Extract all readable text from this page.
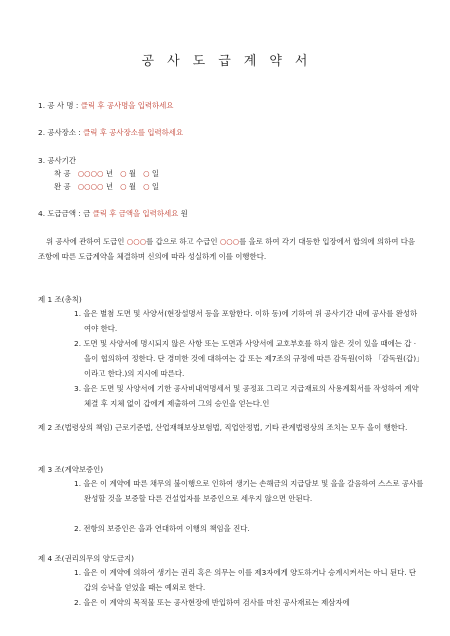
공 사 도 급 계 약 서
1. 공 사 명 : 클릭 후 공사명을 입력하세요
2. 공사장소 : 클릭 후 공사장소를 입력하세요
3. 공사기간
착 공 ○○○○ 년 ○ 월 ○ 일
완 공 ○○○○ 년 ○ 월 ○ 일
4. 도급금액 : 금 클릭 후 금액을 입력하세요 원
위 공사에 관하여 도급인 ○○○를 갑으로 하고 수급인 ○○○를 을로 하여 각기 대등한 입장에서 합의에 의하여 다음 조항에 따른 도급계약을 체결하며 신의에 따라 성실하게 이를 이행한다.
제 1 조(총칙)
1. 을은 별첨 도면 및 사양서(현장설명서 등을 포함한다. 이하 동)에 기하여 위 공사기간 내에 공사를 완성하여야 한다.
2. 도면 및 사양서에 명시되지 않은 사항 또는 도면과 사양서에 교호부호를 하지 않은 것이 있을 때에는 갑 · 을이 협의하여 정한다. 단 경미한 것에 대하여는 갑 또는 제7조의 규정에 따른 감독원(이하 「감독원(갑)」이라고 한다.)의 지시에 따른다.
3. 을은 도면 및 사양서에 기한 공사비내역명세서 및 공정표 그리고 지급재료의 사용계획서를 작성하여 계약체결 후 지체 없이 갑에게 제출하여 그의 승인을 얻는다.인
제 2 조(법령상의 책임) 근로기준법, 산업재해보상보험법, 직업안정법, 기타 관계법령상의 조치는 모두 을이 행한다.
제 3 조(계약보증인)
1. 을은 이 계약에 따른 채무의 불이행으로 인하여 생기는 손해금의 지급담보 및 을을 갈음하여 스스로 공사를 완성할 것을 보증할 다른 건설업자를 보증인으로 세우지 않으면 안된다.
2. 전항의 보증인은 을과 연대하여 이행의 책임을 진다.
제 4 조(권리의무의 양도금지)
1. 을은 이 계약에 의하여 생기는 권리 혹은 의무는 이를 제3자에게 양도하거나 승계시켜서는 아니 된다. 단 갑의 승낙을 얻었을 때는 예외로 한다.
2. 을은 이 계약의 목적물 또는 공사현장에 반입하여 검사를 마친 공사재료는 제삼자에
